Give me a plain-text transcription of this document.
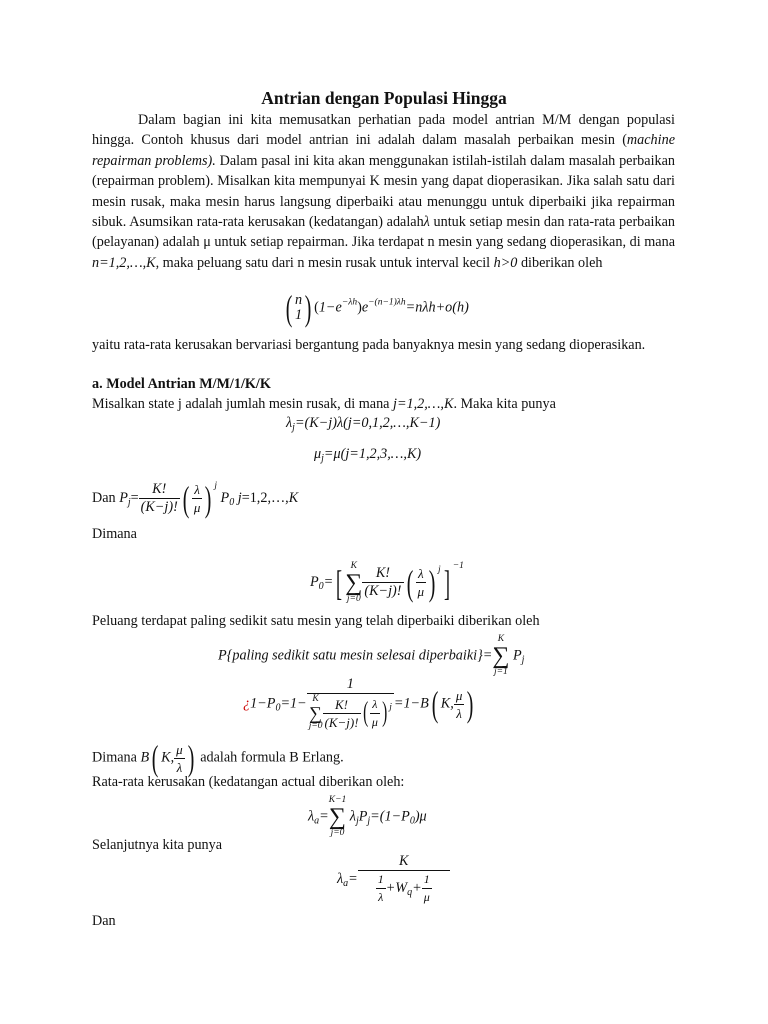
Antrian dengan Populasi Hingga
Dalam bagian ini kita memusatkan perhatian pada model antrian M/M dengan populasi hingga. Contoh khusus dari model antrian ini adalah dalam masalah perbaikan mesin (machine repairman problems). Dalam pasal ini kita akan menggunakan istilah-istilah dalam masalah perbaikan (repairman problem). Misalkan kita mempunyai K mesin yang dapat dioperasikan. Jika salah satu dari mesin rusak, maka mesin harus langsung diperbaiki atau menunggu untuk diperbaiki jika repairman sibuk. Asumsikan rata-rata kerusakan (kedatangan) adalahλ untuk setiap mesin dan rata-rata perbaikan (pelayanan) adalah μ untuk setiap repairman. Jika terdapat n mesin yang sedang dioperasikan, di mana n=1,2,…,K, maka peluang satu dari n mesin rusak untuk interval kecil h>0 diberikan oleh
( n
1 ) $(1-e^{-\lambda h})e^{-(n-1)\lambda h}=n\lambda h+o(h)$
yaitu rata-rata kerusakan bervariasi bergantung pada banyaknya mesin yang sedang dioperasikan.
a. Model Antrian M/M/1/K/K
Misalkan state j adalah jumlah mesin rusak, di mana j=1,2,…,K. Maka kita punya
$\lambda_j=(K-j)\lambda(j=0,1,2,\dots,K-1)$
$\mu_j=\mu(j=1,2,3,\dots,K)$
Dan $P_j= \frac{K!}{(K-j)!}$ ( $\frac{\lambda}{\mu}$ ) $^j$ $P_0$ j=1,2,…,K
Dimana
$P_0=$[ K
∑
$j=0 \frac{K!}{(K-j)!}$ ( $\frac{\lambda}{\mu}$ ) $^j$] $^{-1}$
Peluang terdapat paling sedikit satu mesin yang telah diperbaiki diberikan oleh
P{paling sedikit satu mesin selesai diperbaiki}=
K
∑
j=1
$P_j$
¿$1-P_0=1- 1$
K
∑
$j=0 \frac{K!}{(K-j)!}$ ( $\frac{\lambda}{\mu}$ ) $^j$ =1−B( K, $\frac{\mu}{\lambda}$ )
Dimana B( K, $\frac{\mu}{\lambda}$ ) adalah formula B Erlang.
Rata-rata kerusakan (kedatangan actual diberikan oleh:
$\lambda_a=$
K−1
∑
j=0
$\lambda_jP_j=(1-P_0)\mu$
Selanjutnya kita punya
$\lambda_a= \frac{K}{\frac{1}{\lambda} +W_q+ \frac{1}{\mu}}$
Dan
